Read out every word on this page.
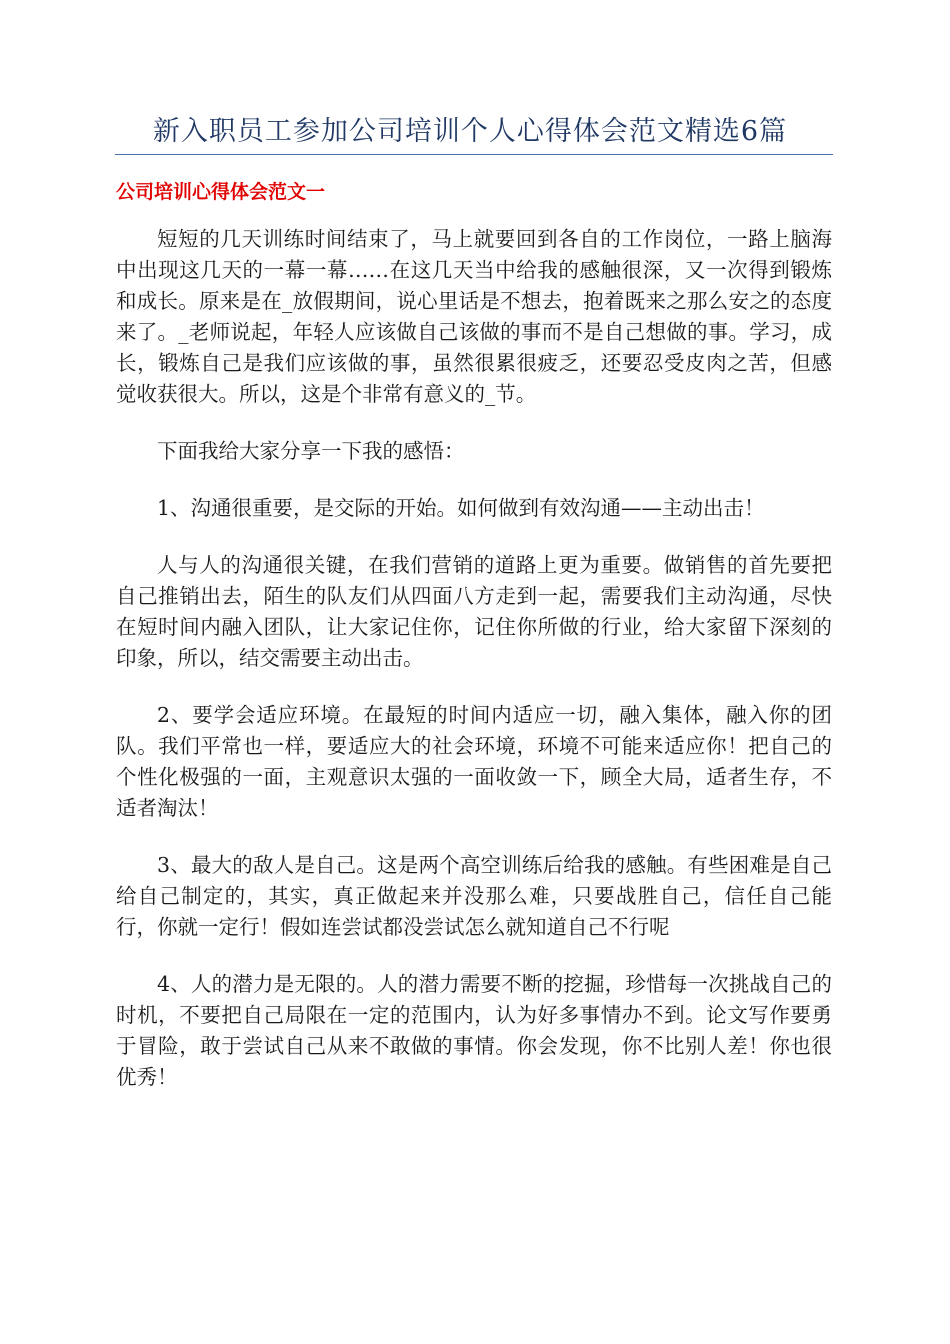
新入职员工参加公司培训个人心得体会范文精选6篇
公司培训心得体会范文一

短短的几天训练时间结束了，马上就要回到各自的工作岗位，一路上脑海中出现这几天的一幕一幕……在这几天当中给我的感触很深，又一次得到锻炼和成长。原来是在_放假期间，说心里话是不想去，抱着既来之那么安之的态度来了。_老师说起，年轻人应该做自己该做的事而不是自己想做的事。学习，成长，锻炼自己是我们应该做的事，虽然很累很疲乏，还要忍受皮肉之苦，但感觉收获很大。所以，这是个非常有意义的_节。

下面我给大家分享一下我的感悟：

1、沟通很重要，是交际的开始。如何做到有效沟通——主动出击！

人与人的沟通很关键，在我们营销的道路上更为重要。做销售的首先要把自己推销出去，陌生的队友们从四面八方走到一起，需要我们主动沟通，尽快在短时间内融入团队，让大家记住你，记住你所做的行业，给大家留下深刻的印象，所以，结交需要主动出击。

2、要学会适应环境。在最短的时间内适应一切，融入集体，融入你的团队。我们平常也一样，要适应大的社会环境，环境不可能来适应你！把自己的个性化极强的一面，主观意识太强的一面收敛一下，顾全大局，适者生存，不适者淘汰！

3、最大的敌人是自己。这是两个高空训练后给我的感触。有些困难是自己给自己制定的，其实，真正做起来并没那么难，只要战胜自己，信任自己能行，你就一定行！假如连尝试都没尝试怎么就知道自己不行呢

4、人的潜力是无限的。人的潜力需要不断的挖掘，珍惜每一次挑战自己的时机，不要把自己局限在一定的范围内，认为好多事情办不到。论文写作要勇于冒险，敢于尝试自己从来不敢做的事情。你会发现，你不比别人差！你也很优秀！
